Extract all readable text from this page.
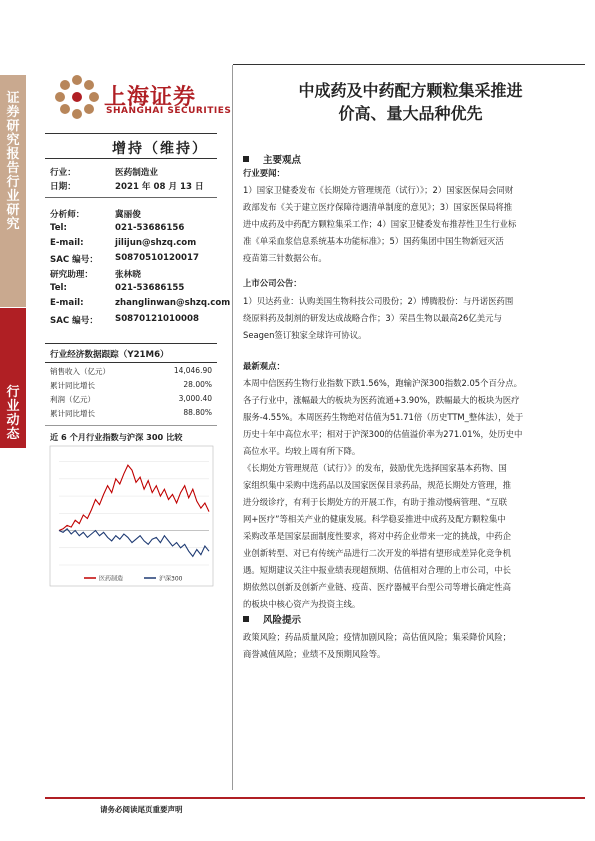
证券研究报告 行业研究
行业动态
上海证券
SHANGHAI SECURITIES
增持（维持）
行业：	医药制造业
日期：	2021 年 08 月 13 日
分析师：	冀丽俊
Tel:	021-53686156
E-mail:	jilijun@shzq.com
SAC 编号： S0870510120017
研究助理：	张林晓
Tel:	021-53686155
E-mail:	zhanglinwan@shzq.com
SAC 编号： S0870121010008
行业经济数据跟踪（Y21M6）
销售收入（亿元）	14,046.90
累计同比增长	28.00%
利润（亿元）	3,000.40
累计同比增长	88.80%
近 6 个月行业指数与沪深 300 比较
医药制造	沪深300
中成药及中药配方颗粒集采推进
价高、量大品种优先
主要观点
行业要闻：
1）国家卫健委发布《长期处方管理规范（试行）》；2）国家医保局会同财
政部发布《关于建立医疗保障待遇清单制度的意见》；3）国家医保局将推
进中成药及中药配方颗粒集采工作；4）国家卫健委发布推荐性卫生行业标
准《单采血浆信息系统基本功能标准》；5）国药集团中国生物新冠灭活
疫苗第三针数据公布。
上市公司公告：
1）贝达药业：认购美国生物科技公司股份；2）博腾股份：与丹诺医药围
绕原料药及制剂的研发达成战略合作；3）荣昌生物以最高26亿美元与
Seagen签订独家全球许可协议。
最新观点：
本周中信医药生物行业指数下跌1.56%，跑输沪深300指数2.05个百分点。
各子行业中，涨幅最大的板块为医药流通+3.90%，跌幅最大的板块为医疗
服务-4.55%。本周医药生物绝对估值为51.71倍（历史TTM_整体法），处于
历史十年中高位水平；相对于沪深300的估值溢价率为271.01%，处历史中
高位水平。均较上周有所下降。
《长期处方管理规范（试行）》的发布，鼓励优先选择国家基本药物、国
家组织集中采购中选药品以及国家医保目录药品，规范长期处方管理，推
进分级诊疗，有利于长期处方的开展工作，有助于推动慢病管理、“互联
网+医疗”等相关产业的健康发展。科学稳妥推进中成药及配方颗粒集中
采购改革是国家层面制度性要求，将对中药企业带来一定的挑战，中药企
业创新转型、对已有传统产品进行二次开发的举措有望形成差异化竞争机
遇。短期建议关注中报业绩表现超预期、估值相对合理的上市公司，中长
期依然以创新及创新产业链、疫苗、医疗器械平台型公司等增长确定性高
的板块中核心资产为投资主线。
风险提示
政策风险；药品质量风险；疫情加剧风险；高估值风险；集采降价风险；
商誉减值风险；业绩不及预期风险等。
请务必阅读尾页重要声明
